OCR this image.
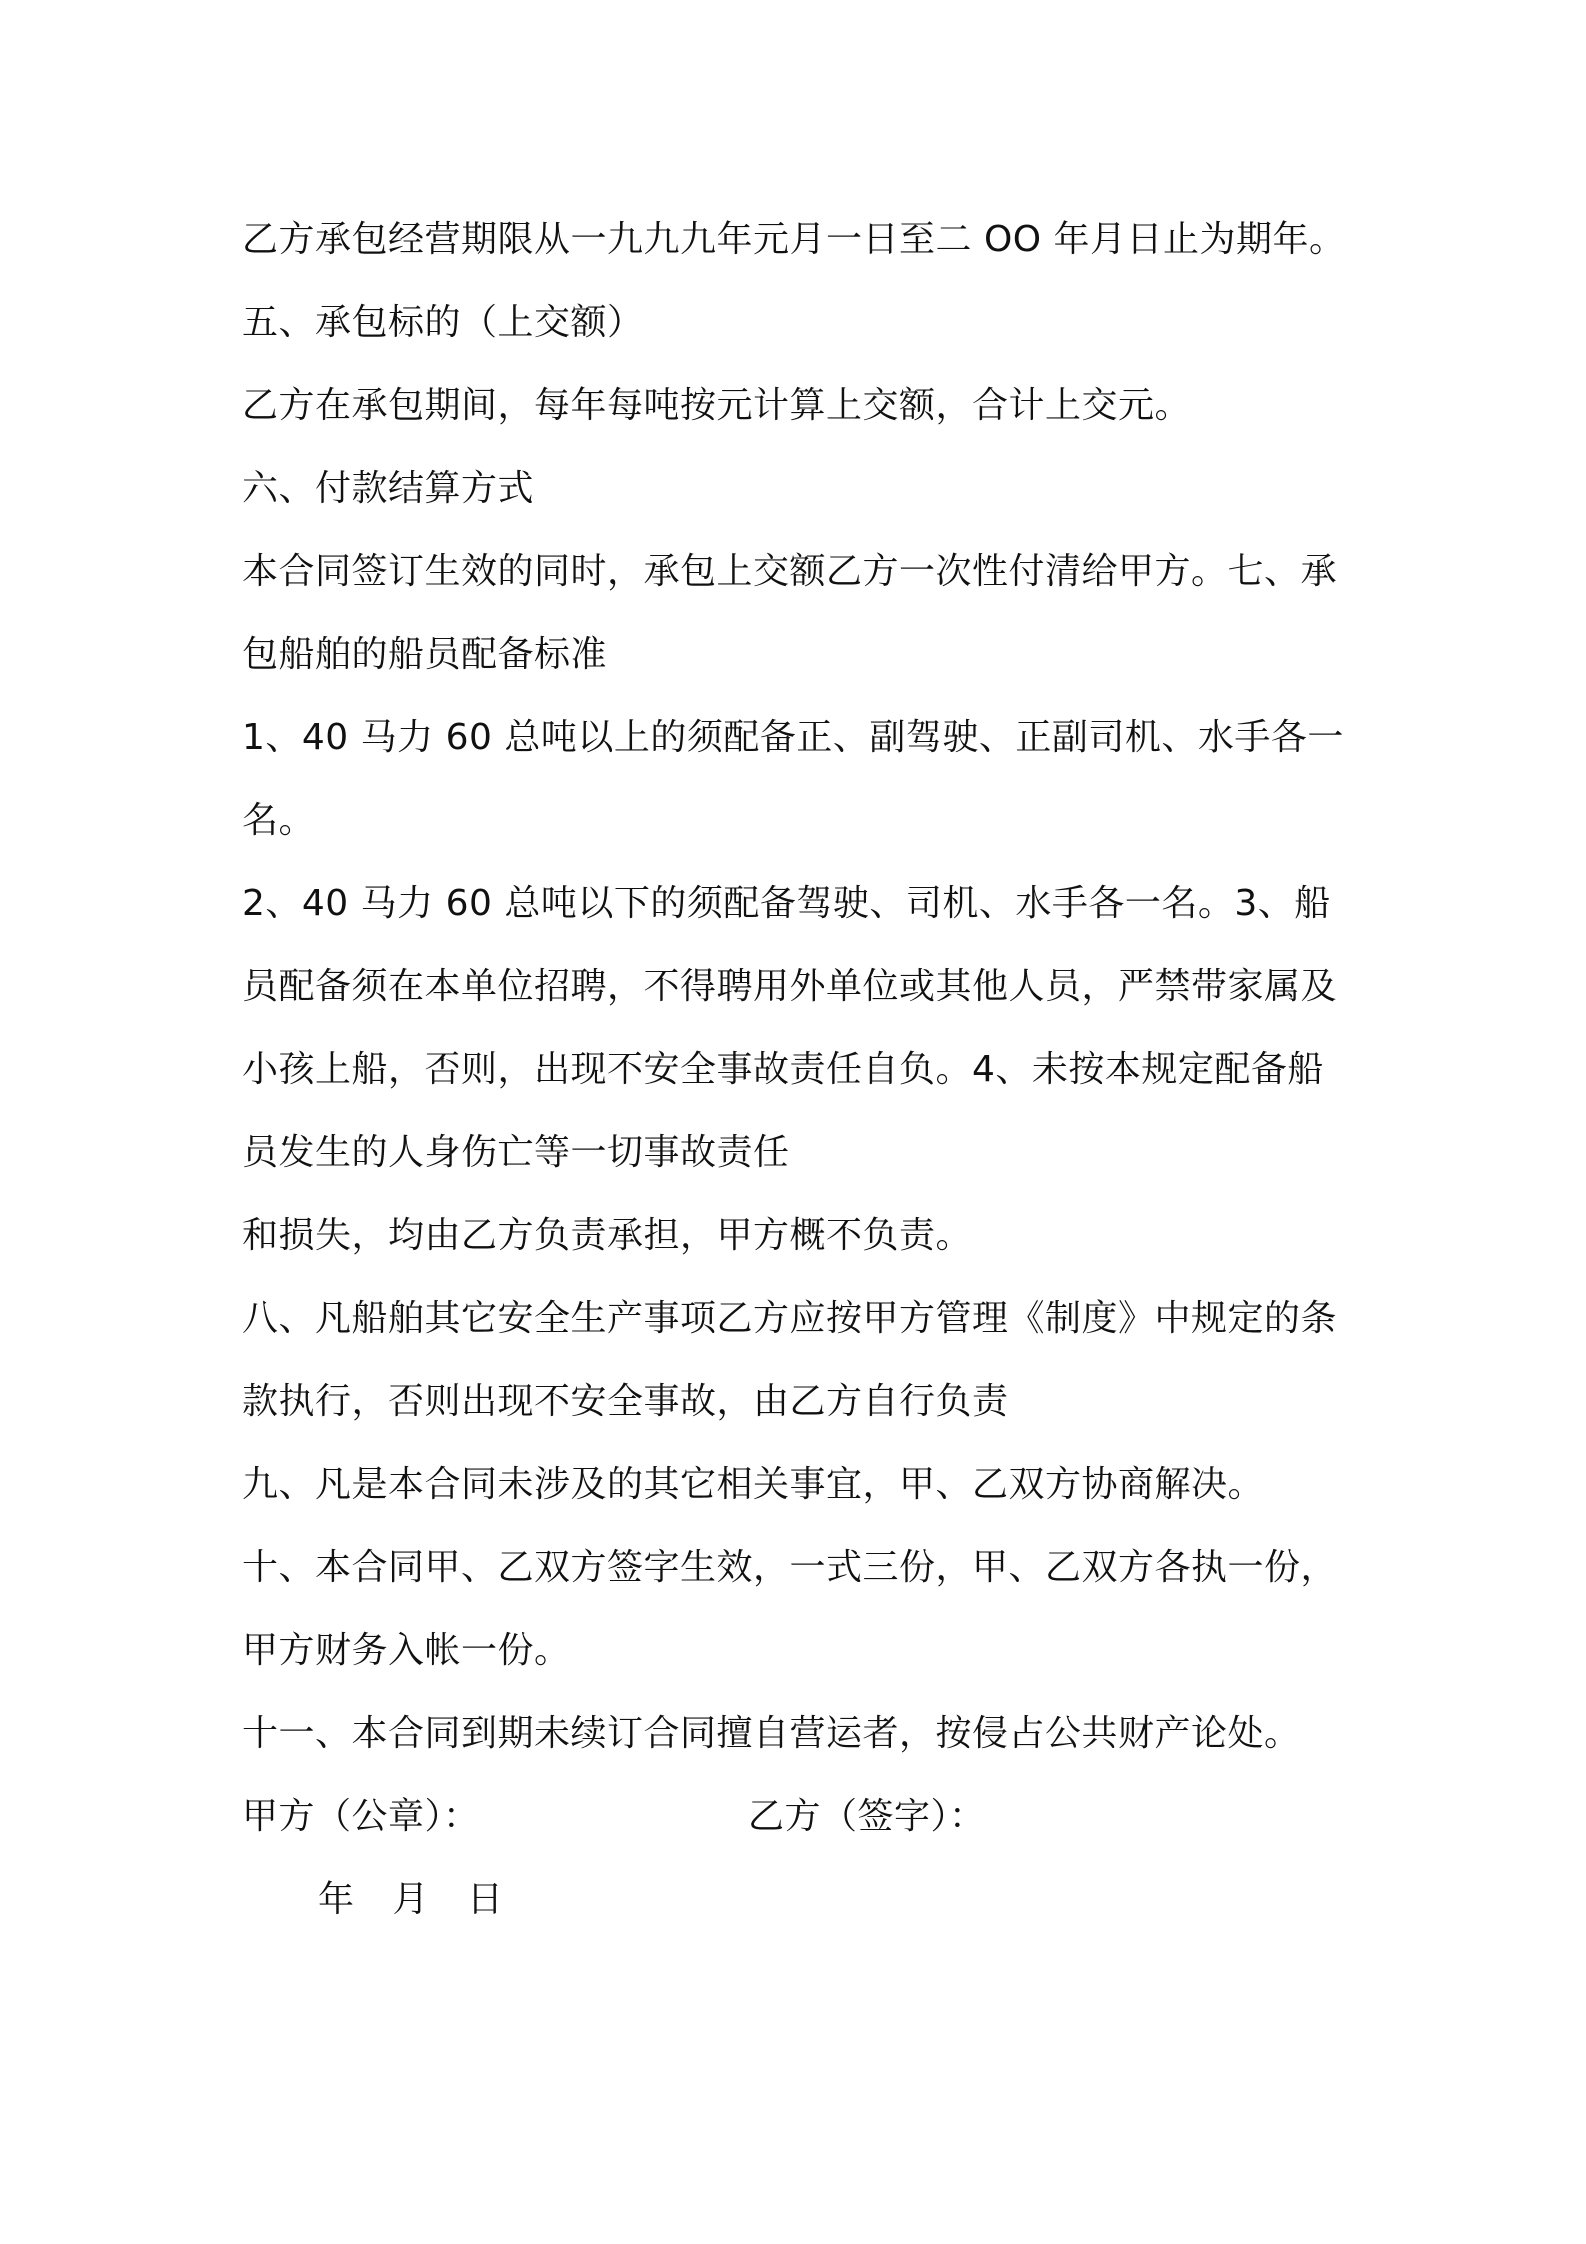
乙方承包经营期限从一九九九年元月一日至二 OO 年月日止为期年。
五、承包标的（上交额）
乙方在承包期间，每年每吨按元计算上交额，合计上交元。
六、付款结算方式
本合同签订生效的同时，承包上交额乙方一次性付清给甲方。七、承
包船舶的船员配备标准
1、40 马力 60 总吨以上的须配备正、副驾驶、正副司机、水手各一
名。
2、40 马力 60 总吨以下的须配备驾驶、司机、水手各一名。3、船
员配备须在本单位招聘，不得聘用外单位或其他人员，严禁带家属及
小孩上船，否则，出现不安全事故责任自负。4、未按本规定配备船
员发生的人身伤亡等一切事故责任
和损失，均由乙方负责承担，甲方概不负责。
八、凡船舶其它安全生产事项乙方应按甲方管理《制度》中规定的条
款执行，否则出现不安全事故，由乙方自行负责
九、凡是本合同未涉及的其它相关事宜，甲、乙双方协商解决。
十、本合同甲、乙双方签字生效，一式三份，甲、乙双方各执一份，
甲方财务入帐一份。
十一、本合同到期未续订合同擅自营运者，按侵占公共财产论处。
甲方（公章）：	乙方（签字）：
年 月 日
